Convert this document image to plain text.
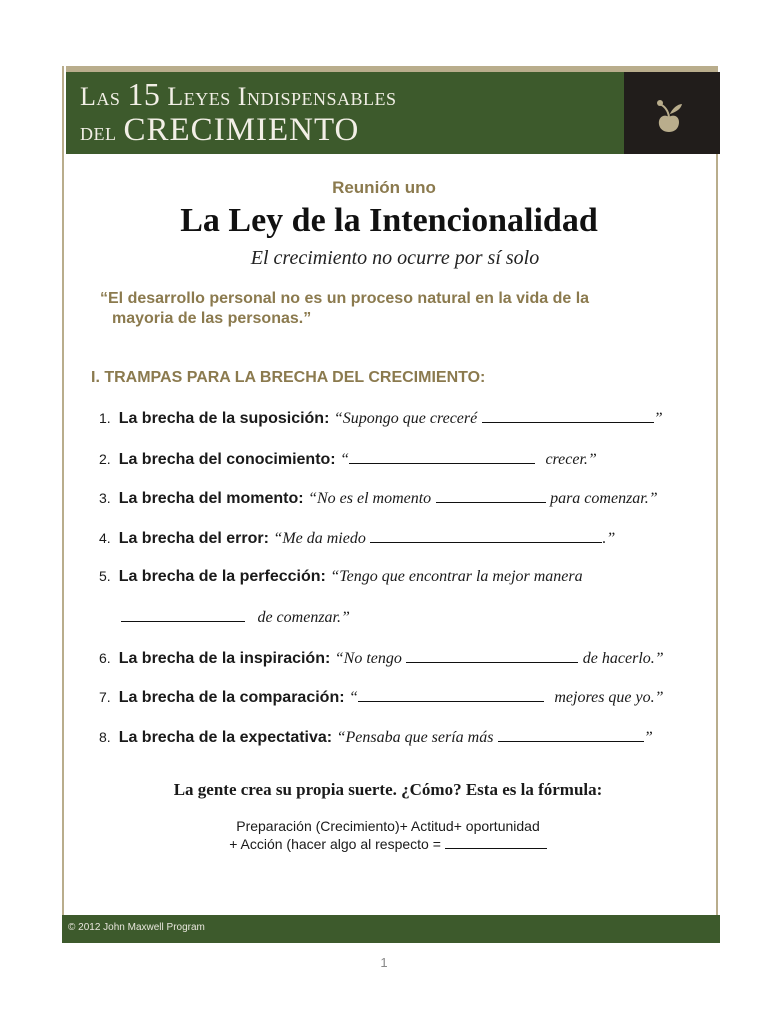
Las 15 Leyes Indispensables
del CRECIMIENTO
Reunión uno
La Ley de la Intencionalidad
El crecimiento no ocurre por sí solo
“El desarrollo personal no es un proceso natural en la vida de la
mayoria de las personas.”
I. TRAMPAS PARA LA BRECHA DEL CRECIMIENTO:
1. La brecha de la suposición: “Supongo que creceré	”
2. La brecha del conocimiento: “	crecer.”
3. La brecha del momento: “No es el momento	para comenzar.”
4. La brecha del error: “Me da miedo	.”
5. La brecha de la perfección: “Tengo que encontrar la mejor manera
de comenzar.”
6. La brecha de la inspiración: “No tengo	de hacerlo.”
7. La brecha de la comparación: “	mejores que yo.”
8. La brecha de la expectativa: “Pensaba que sería más	”
La gente crea su propia suerte. ¿Cómo? Esta es la fórmula:
Preparación (Crecimiento)+ Actitud+ oportunidad
+ Acción (hacer algo al respecto =
© 2012 John Maxwell Program
1
